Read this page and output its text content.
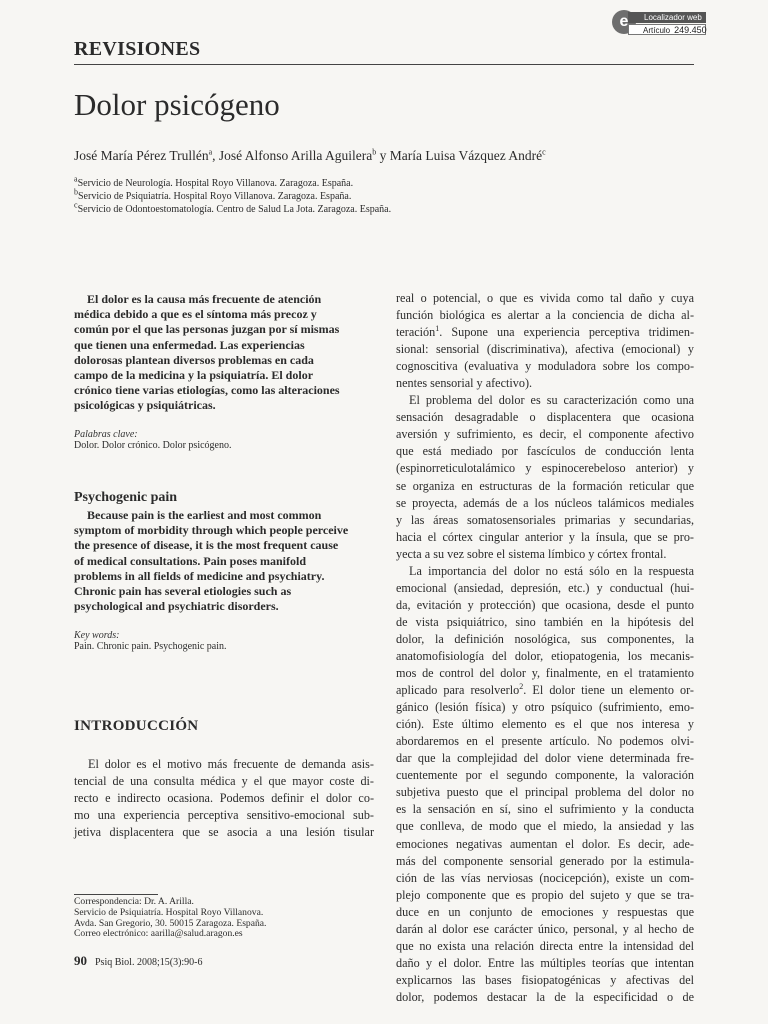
e	Localizador web
Artículo 249.450
REVISIONES
Dolor psicógeno
José María Pérez Trullén$^a$, José Alfonso Arilla Aguilera$^b$ y María Luisa Vázquez André$^c$
$^a$Servicio de Neurología. Hospital Royo Villanova. Zaragoza. España.
$^b$Servicio de Psiquiatría. Hospital Royo Villanova. Zaragoza. España.
$^c$Servicio de Odontoestomatología. Centro de Salud La Jota. Zaragoza. España.
El dolor es la causa más frecuente de atención
médica debido a que es el síntoma más precoz y
común por el que las personas juzgan por sí mismas
que tienen una enfermedad. Las experiencias
dolorosas plantean diversos problemas en cada
campo de la medicina y la psiquiatría. El dolor
crónico tiene varias etiologías, como las alteraciones
psicológicas y psiquiátricas.
Palabras clave:
Dolor. Dolor crónico. Dolor psicógeno.
Psychogenic pain
Because pain is the earliest and most common
symptom of morbidity through which people perceive
the presence of disease, it is the most frequent cause
of medical consultations. Pain poses manifold
problems in all fields of medicine and psychiatry.
Chronic pain has several etiologies such as
psychological and psychiatric disorders.
Key words:
Pain. Chronic pain. Psychogenic pain.
INTRODUCCIÓN
El dolor es el motivo más frecuente de demanda asis-
tencial de una consulta médica y el que mayor coste di-
recto e indirecto ocasiona. Podemos definir el dolor co-
mo una experiencia perceptiva sensitivo-emocional sub-
jetiva displacentera que se asocia a una lesión tisular
Correspondencia: Dr. A. Arilla.
Servicio de Psiquiatría. Hospital Royo Villanova.
Avda. San Gregorio, 30. 50015 Zaragoza. España.
Correo electrónico: aarilla@salud.aragon.es
90 Psiq Biol. 2008;15(3):90-6
real o potencial, o que es vivida como tal daño y cuya
función biológica es alertar a la conciencia de dicha al-
teración$^1$. Supone una experiencia perceptiva tridimen-
sional: sensorial (discriminativa), afectiva (emocional) y
cognoscitiva (evaluativa y moduladora sobre los compo-
nentes sensorial y afectivo).
El problema del dolor es su caracterización como una
sensación desagradable o displacentera que ocasiona
aversión y sufrimiento, es decir, el componente afectivo
que está mediado por fascículos de conducción lenta
(espinorreticulotalámico y espinocerebeloso anterior) y
se organiza en estructuras de la formación reticular que
se proyecta, además de a los núcleos talámicos mediales
y las áreas somatosensoriales primarias y secundarias,
hacia el córtex cingular anterior y la ínsula, que se pro-
yecta a su vez sobre el sistema límbico y córtex frontal.
La importancia del dolor no está sólo en la respuesta
emocional (ansiedad, depresión, etc.) y conductual (hui-
da, evitación y protección) que ocasiona, desde el punto
de vista psiquiátrico, sino también en la hipótesis del
dolor, la definición nosológica, sus componentes, la
anatomofisiología del dolor, etiopatogenia, los mecanis-
mos de control del dolor y, finalmente, en el tratamiento
aplicado para resolverlo$^2$. El dolor tiene un elemento or-
gánico (lesión física) y otro psíquico (sufrimiento, emo-
ción). Este último elemento es el que nos interesa y
abordaremos en el presente artículo. No podemos olvi-
dar que la complejidad del dolor viene determinada fre-
cuentemente por el segundo componente, la valoración
subjetiva puesto que el principal problema del dolor no
es la sensación en sí, sino el sufrimiento y la conducta
que conlleva, de modo que el miedo, la ansiedad y las
emociones negativas aumentan el dolor. Es decir, ade-
más del componente sensorial generado por la estimula-
ción de las vías nerviosas (nocicepción), existe un com-
plejo componente que es propio del sujeto y que se tra-
duce en un conjunto de emociones y respuestas que
darán al dolor ese carácter único, personal, y al hecho de
que no exista una relación directa entre la intensidad del
daño y el dolor. Entre las múltiples teorías que intentan
explicarnos las bases fisiopatogénicas y afectivas del
dolor, podemos destacar la de la especificidad o de
